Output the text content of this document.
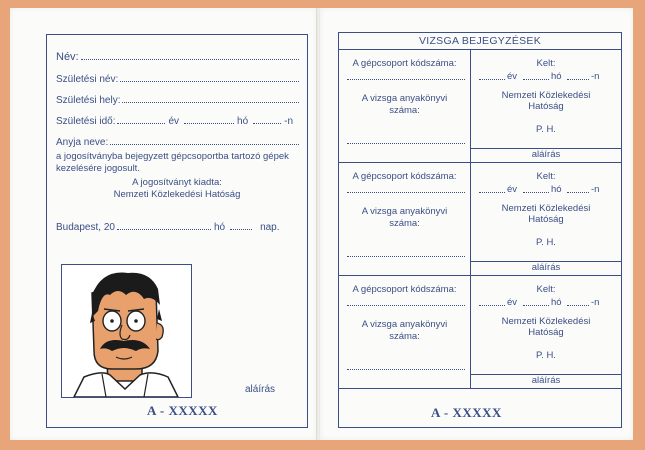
Név:
Születési név:
Születési hely:
Születési idő:	év	hó	-n
Anyja neve:
a jogosítványba bejegyzett gépcsoportba tartozó gépek kezelésére jogosult.
A jogosítványt kiadta:
Nemzeti Közlekedési Hatóság
Budapest, 20	hó	nap.
aláírás
A - XXXXX
VIZSGA BEJEGYZÉSEK
A gépcsoport kódszáma:
A vizsga anyakönyvi
száma:
Kelt:
év	hó	-n
Nemzeti Közlekedési
Hatóság
P. H.
aláírás
A gépcsoport kódszáma:
A vizsga anyakönyvi
száma:
Kelt:
év	hó	-n
Nemzeti Közlekedési
Hatóság
P. H.
aláírás
A gépcsoport kódszáma:
A vizsga anyakönyvi
száma:
Kelt:
év	hó	-n
Nemzeti Közlekedési
Hatóság
P. H.
aláírás
A - XXXXX
